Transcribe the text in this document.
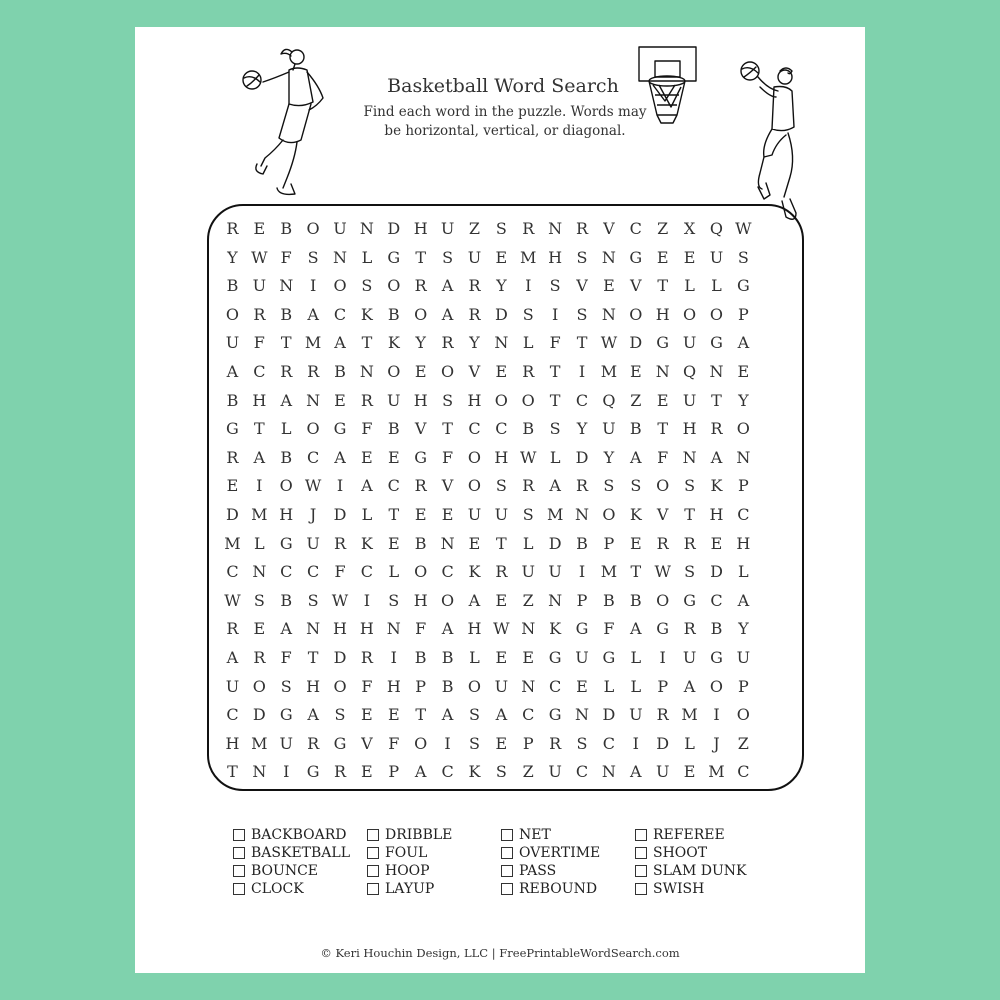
Basketball Word Search
Find each word in the puzzle. Words may be horizontal, vertical, or diagonal.
R E B O U N D H U Z S R N R V C Z X Q W
Y W F S N L G T	S U E M H S N G E E U S
B U N	I	O S O R A R Y	I	S V E V T	L	L G
O R B A C K B O A R D S	I	S N O H O O P
U F	T M A T K Y R Y N L	F	T W D G U G A
A C R R B N O E O V E R T	I M E N Q N E
B H A N E R U H S H O O T C Q Z E U T	Y
G T	L O G F B V T C C B S	Y U B T H R O
R A B C A E E G F O H W L D Y A F N A N
E	I	O W I	A C R V O S R A R S S O S K P
D M H	J	D L	T E E U U S M N O K V T H C
M L G U R K E B N E T	L D B P E R R E H
C N C C F C L O C K R U U	I M T W S D L
W S B S W I	S H O A E Z N P B B O G C A
R E A N H H N F A H W N K G F A G R B Y
A R F	T D R	I	B B L E E G U G L	I	U G U
U O S H O F H P B O U N C E L	L	P A O P
C D G A S E E T A S A C G N D U R M I	O
H M U R G V F O	I	S E P R S C	I	D L	J	Z
T N	I	G R E P A C K S Z U C N A U E M C
BACKBOARD
BASKETBALL
BOUNCE
CLOCK
DRIBBLE
FOUL
HOOP
LAYUP
NET
OVERTIME
PASS
REBOUND
REFEREE
SHOOT
SLAM DUNK
SWISH
© Keri Houchin Design, LLC | FreePrintableWordSearch.com
